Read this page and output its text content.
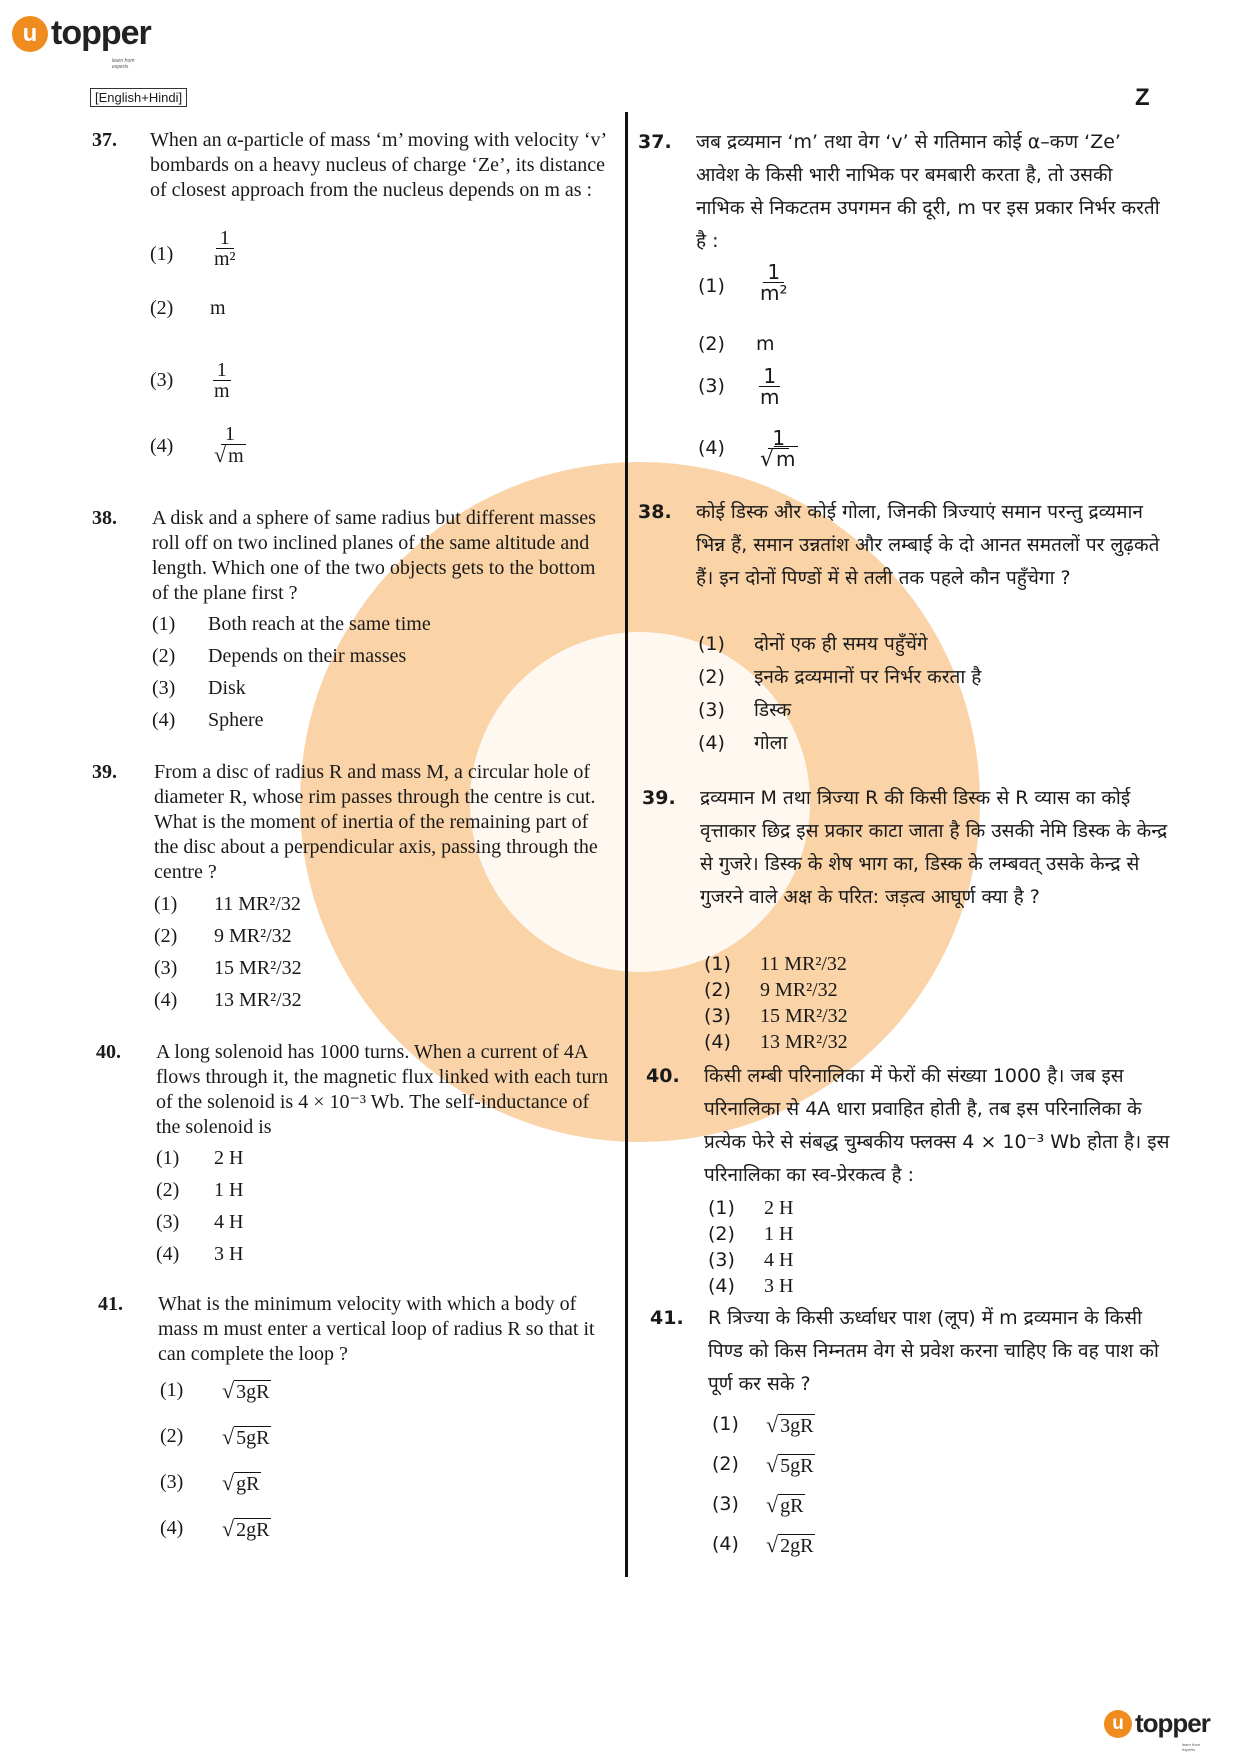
u topper
learn from experts
[English+Hindi]	Z
37. When an α-particle of mass ‘m’ moving with velocity ‘v’ bombards on a heavy nucleus of charge ‘Ze’, its distance of closest approach from the nucleus depends on m as :
$(1) \frac{1}{\text{m²}}$
(2) m
$(3) \frac{1}{m}$
$(4) \frac{1}{√ m}$
38. A disk and a sphere of same radius but different masses roll off on two inclined planes of the same altitude and length. Which one of the two objects gets to the bottom of the plane first ?
(1) Both reach at the same time
(2) Depends on their masses
(3) Disk
(4) Sphere
39. From a disc of radius R and mass M, a circular hole of diameter R, whose rim passes through the centre is cut. What is the moment of inertia of the remaining part of the disc about a perpendicular axis, passing through the centre ?
(1) 11 MR²/32
(2) 9 MR²/32
(3) 15 MR²/32
(4) 13 MR²/32
40. A long solenoid has 1000 turns. When a current of 4A flows through it, the magnetic flux linked with each turn of the solenoid is 4 × 10⁻³ Wb. The self-inductance of the solenoid is
(1) 2 H
(2) 1 H
(3) 4 H
(4) 3 H
41. What is the minimum velocity with which a body of mass m must enter a vertical loop of radius R so that it can complete the loop ?
(1) √ 3gR
(2) √ 5gR
(3) √ gR
(4) √ 2gR
37. जब द्रव्यमान ‘m’ तथा वेग ‘v’ से गतिमान कोई α–कण ‘Ze’ आवेश के किसी भारी नाभिक पर बमबारी करता है, तो उसकी नाभिक से निकटतम उपगमन की दूरी, m पर इस प्रकार निर्भर करती है :
$(1) \frac{1}{\text{m²}}$
(2) m
$(3) \frac{1}{m}$
$(4) \frac{1}{√ m}$
38. कोई डिस्क और कोई गोला, जिनकी त्रिज्याएं समान परन्तु द्रव्यमान भिन्न हैं, समान उन्नतांश और लम्बाई के दो आनत समतलों पर लुढ़कते हैं। इन दोनों पिण्डों में से तली तक पहले कौन पहुँचेगा ?
(1) दोनों एक ही समय पहुँचेंगे
(2) इनके द्रव्यमानों पर निर्भर करता है
(3) डिस्क
(4) गोला
39. द्रव्यमान M तथा त्रिज्या R की किसी डिस्क से R व्यास का कोई वृत्ताकार छिद्र इस प्रकार काटा जाता है कि उसकी नेमि डिस्क के केन्द्र से गुजरे। डिस्क के शेष भाग का, डिस्क के लम्बवत् उसके केन्द्र से गुजरने वाले अक्ष के परित: जड़त्व आघूर्ण क्या है ?
(1) 11 MR²/32
(2) 9 MR²/32
(3) 15 MR²/32
(4) 13 MR²/32
40. किसी लम्बी परिनालिका में फेरों की संख्या 1000 है। जब इस परिनालिका से 4A धारा प्रवाहित होती है, तब इस परिनालिका के प्रत्येक फेरे से संबद्ध चुम्बकीय फ्लक्स 4 × 10⁻³ Wb होता है। इस परिनालिका का स्व-प्रेरकत्व है :
(1) 2 H
(2) 1 H
(3) 4 H
(4) 3 H
41. R त्रिज्या के किसी ऊर्ध्वाधर पाश (लूप) में m द्रव्यमान के किसी पिण्ड को किस निम्नतम वेग से प्रवेश करना चाहिए कि वह पाश को पूर्ण कर सके ?
(1) √ 3gR
(2) √ 5gR
(3) √ gR
(4) √ 2gR
u topper
learn from experts
